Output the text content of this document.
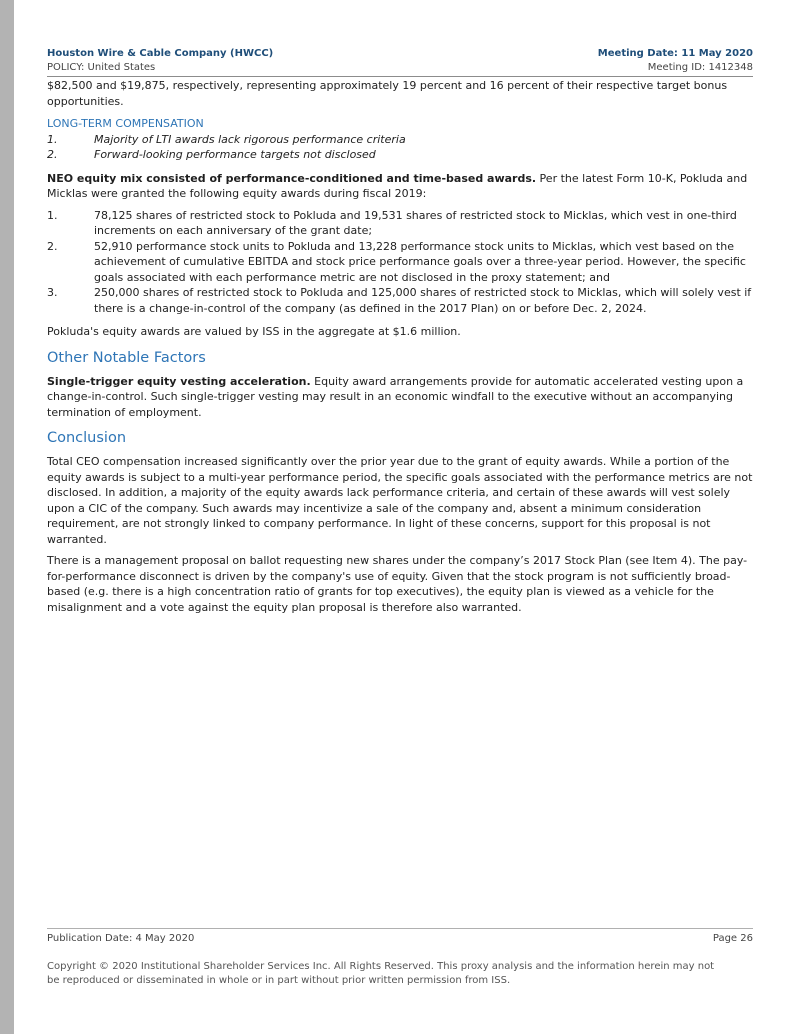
Houston Wire & Cable Company (HWCC)	Meeting Date: 11 May 2020
POLICY: United States	Meeting ID: 1412348

$82,500 and $19,875, respectively, representing approximately 19 percent and 16 percent of their respective target bonus opportunities.

LONG-TERM COMPENSATION
1.	Majority of LTI awards lack rigorous performance criteria
2.	Forward-looking performance targets not disclosed

NEO equity mix consisted of performance-conditioned and time-based awards. Per the latest Form 10-K, Pokluda and Micklas were granted the following equity awards during fiscal 2019:

1.	78,125 shares of restricted stock to Pokluda and 19,531 shares of restricted stock to Micklas, which vest in one-third increments on each anniversary of the grant date;
2.	52,910 performance stock units to Pokluda and 13,228 performance stock units to Micklas, which vest based on the achievement of cumulative EBITDA and stock price performance goals over a three-year period. However, the specific goals associated with each performance metric are not disclosed in the proxy statement; and
3.	250,000 shares of restricted stock to Pokluda and 125,000 shares of restricted stock to Micklas, which will solely vest if there is a change-in-control of the company (as defined in the 2017 Plan) on or before Dec. 2, 2024.

Pokluda's equity awards are valued by ISS in the aggregate at $1.6 million.

Other Notable Factors

Single-trigger equity vesting acceleration. Equity award arrangements provide for automatic accelerated vesting upon a change-in-control. Such single-trigger vesting may result in an economic windfall to the executive without an accompanying termination of employment.

Conclusion

Total CEO compensation increased significantly over the prior year due to the grant of equity awards. While a portion of the equity awards is subject to a multi-year performance period, the specific goals associated with the performance metrics are not disclosed. In addition, a majority of the equity awards lack performance criteria, and certain of these awards will vest solely upon a CIC of the company. Such awards may incentivize a sale of the company and, absent a minimum consideration requirement, are not strongly linked to company performance. In light of these concerns, support for this proposal is not warranted.

There is a management proposal on ballot requesting new shares under the company’s 2017 Stock Plan (see Item 4). The pay-for-performance disconnect is driven by the company's use of equity. Given that the stock program is not sufficiently broad-based (e.g. there is a high concentration ratio of grants for top executives), the equity plan is viewed as a vehicle for the misalignment and a vote against the equity plan proposal is therefore also warranted.

Publication Date: 4 May 2020	Page 26
Copyright © 2020 Institutional Shareholder Services Inc. All Rights Reserved. This proxy analysis and the information herein may not be reproduced or disseminated in whole or in part without prior written permission from ISS.
